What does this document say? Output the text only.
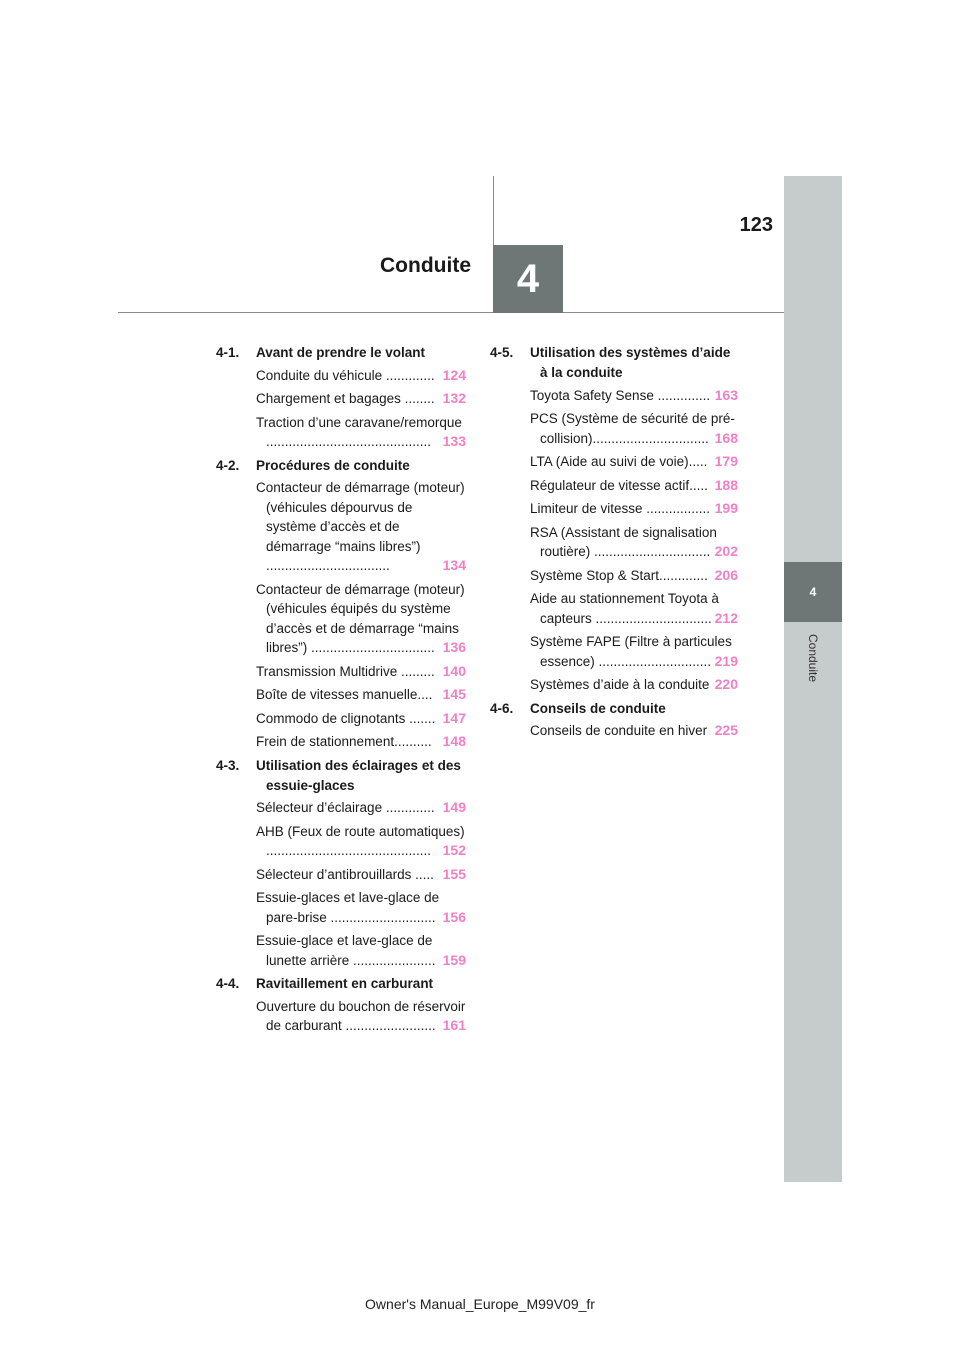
4
Conduite
4
Conduite
123
4-1. Avant de prendre le volant
Conduite du véhicule ............. 124
Chargement et bagages ........ 132
Traction d’une caravane/remorque ............................................ 133
4-2. Procédures de conduite
Contacteur de démarrage (moteur) (véhicules dépourvus de système d’accès et de démarrage “mains libres”) .................................	134
Contacteur de démarrage (moteur) (véhicules équipés du système d’accès et de démarrage “mains libres”) ................................. 136
Transmission Multidrive ......... 140
Boîte de vitesses manuelle.... 145
Commodo de clignotants ....... 147
Frein de stationnement.......... 148
4-3. Utilisation des éclairages et des essuie-glaces
Sélecteur d’éclairage ............. 149
AHB (Feux de route automatiques) ............................................ 152
Sélecteur d’antibrouillards ..... 155
Essuie-glaces et lave-glace de pare-brise ............................ 156
Essuie-glace et lave-glace de lunette arrière ...................... 159
4-4. Ravitaillement en carburant
Ouverture du bouchon de réservoir de carburant ........................ 161
4-5. Utilisation des systèmes d’aide à la conduite
Toyota Safety Sense .............. 163
PCS (Système de sécurité de pré-collision)............................... 168
LTA (Aide au suivi de voie)..... 179
Régulateur de vitesse actif..... 188
Limiteur de vitesse ................. 199
RSA (Assistant de signalisation routière) ............................... 202
Système Stop & Start............. 206
Aide au stationnement Toyota à capteurs ............................... 212
Système FAPE (Filtre à particules essence) .............................. 219
Systèmes d’aide à la conduite 220
4-6. Conseils de conduite
Conseils de conduite en hiver 225
Owner's Manual_Europe_M99V09_fr
